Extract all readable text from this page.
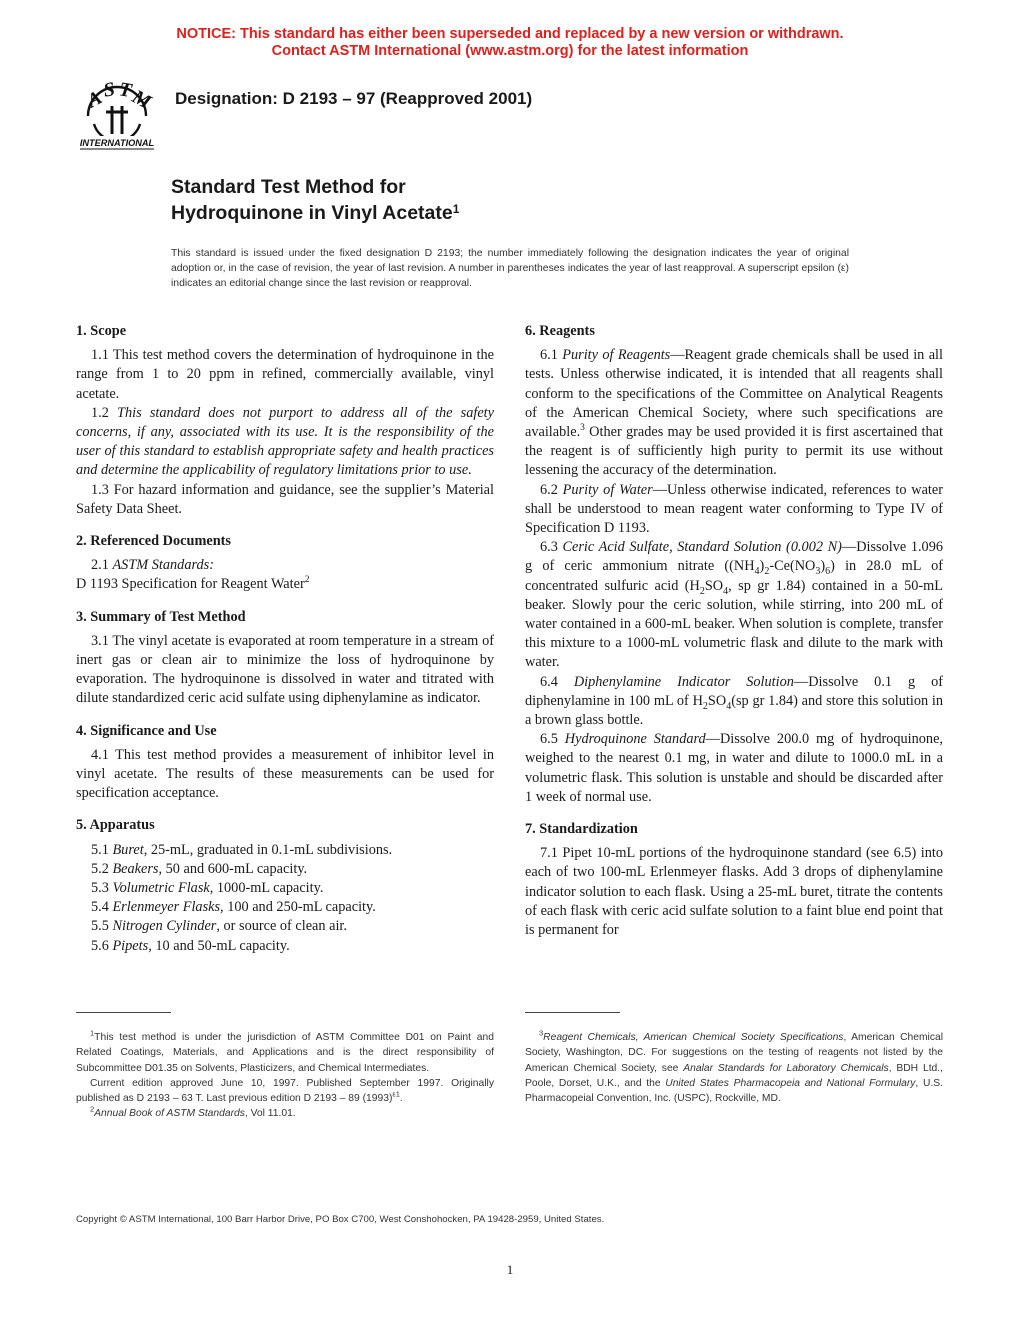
NOTICE: This standard has either been superseded and replaced by a new version or withdrawn.
Contact ASTM International (www.astm.org) for the latest information
A
S T
M
INTERNATIONAL
Designation: D 2193 – 97 (Reapproved 2001)
Standard Test Method for
Hydroquinone in Vinyl Acetate$^1$
This standard is issued under the fixed designation D 2193; the number immediately following the designation indicates the year of original adoption or, in the case of revision, the year of last revision. A number in parentheses indicates the year of last reapproval. A superscript epsilon (ε) indicates an editorial change since the last revision or reapproval.
1. Scope

1.1 This test method covers the determination of hydroquinone in the range from 1 to 20 ppm in refined, commercially available, vinyl acetate.

1.2 This standard does not purport to address all of the safety concerns, if any, associated with its use. It is the responsibility of the user of this standard to establish appropriate safety and health practices and determine the applicability of regulatory limitations prior to use.

1.3 For hazard information and guidance, see the supplier’s Material Safety Data Sheet.

2. Referenced Documents

2.1 ASTM Standards:

D 1193 Specification for Reagent Water$^2$

3. Summary of Test Method

3.1 The vinyl acetate is evaporated at room temperature in a stream of inert gas or clean air to minimize the loss of hydroquinone by evaporation. The hydroquinone is dissolved in water and titrated with dilute standardized ceric acid sulfate using diphenylamine as indicator.

4. Significance and Use

4.1 This test method provides a measurement of inhibitor level in vinyl acetate. The results of these measurements can be used for specification acceptance.

5. Apparatus

5.1 Buret, 25-mL, graduated in 0.1-mL subdivisions.

5.2 Beakers, 50 and 600-mL capacity.

5.3 Volumetric Flask, 1000-mL capacity.

5.4 Erlenmeyer Flasks, 100 and 250-mL capacity.

5.5 Nitrogen Cylinder, or source of clean air.

5.6 Pipets, 10 and 50-mL capacity.

6. Reagents

6.1 Purity of Reagents—Reagent grade chemicals shall be used in all tests. Unless otherwise indicated, it is intended that all reagents shall conform to the specifications of the Committee on Analytical Reagents of the American Chemical Society, where such specifications are available.$^3$ Other grades may be used provided it is first ascertained that the reagent is of sufficiently high purity to permit its use without lessening the accuracy of the determination.

6.2 Purity of Water—Unless otherwise indicated, references to water shall be understood to mean reagent water conforming to Type IV of Specification D 1193.

6.3 Ceric Acid Sulfate, Standard Solution (0.002 N)—Dissolve 1.096 g of ceric ammonium nitrate $((NH_4)_2-Ce(NO_3)_6)$ in 28.0 mL of concentrated sulfuric acid ($H_2SO_4$, sp gr 1.84) contained in a 50-mL beaker. Slowly pour the ceric solution, while stirring, into 200 mL of water contained in a 600-mL beaker. When solution is complete, transfer this mixture to a 1000-mL volumetric flask and dilute to the mark with water.

6.4 Diphenylamine Indicator Solution—Dissolve 0.1 g of diphenylamine in 100 mL of $H_2SO_4(sp$ gr 1.84) and store this solution in a brown glass bottle.

6.5 Hydroquinone Standard—Dissolve 200.0 mg of hydroquinone, weighed to the nearest 0.1 mg, in water and dilute to 1000.0 mL in a volumetric flask. This solution is unstable and should be discarded after 1 week of normal use.

7. Standardization

7.1 Pipet 10-mL portions of the hydroquinone standard (see 6.5) into each of two 100-mL Erlenmeyer flasks. Add 3 drops of diphenylamine indicator solution to each flask. Using a 25-mL buret, titrate the contents of each flask with ceric acid sulfate solution to a faint blue end point that is permanent for

$^1$This test method is under the jurisdiction of ASTM Committee D01 on Paint and Related Coatings, Materials, and Applications and is the direct responsibility of Subcommittee D01.35 on Solvents, Plasticizers, and Chemical Intermediates.

Current edition approved June 10, 1997. Published September 1997. Originally published as D 2193 – 63 T. Last previous edition D 2193 – 89 $(1993)^{\varepsilon 1}$.

$^2$Annual Book of ASTM Standards, Vol 11.01.

$^3$Reagent Chemicals, American Chemical Society Specifications, American Chemical Society, Washington, DC. For suggestions on the testing of reagents not listed by the American Chemical Society, see Analar Standards for Laboratory Chemicals, BDH Ltd., Poole, Dorset, U.K., and the United States Pharmacopeia and National Formulary, U.S. Pharmacopeial Convention, Inc. (USPC), Rockville, MD.

Copyright © ASTM International, 100 Barr Harbor Drive, PO Box C700, West Conshohocken, PA 19428-2959, United States.
1
